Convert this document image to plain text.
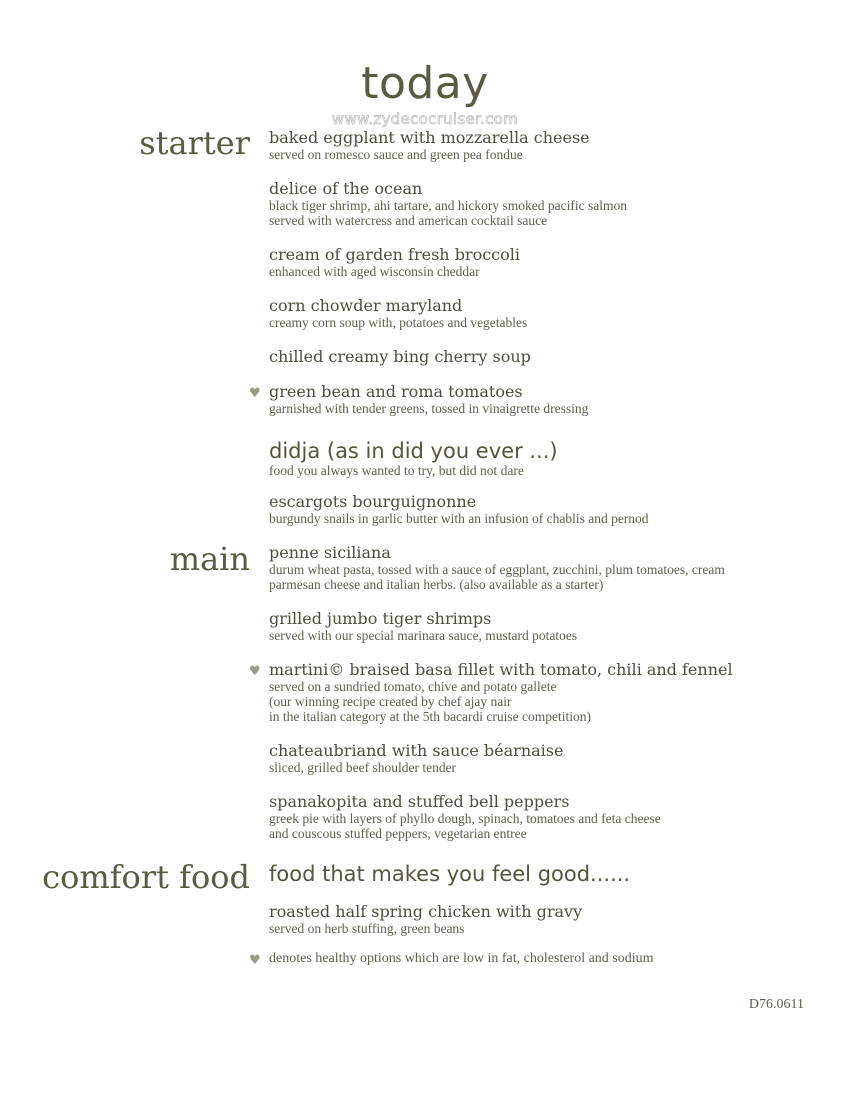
today
www.zydecocruiser.com
starter
main
comfort food
baked eggplant with mozzarella cheese
served on romesco sauce and green pea fondue
delice of the ocean
black tiger shrimp, ahi tartare, and hickory smoked pacific salmon
served with watercress and american cocktail sauce
cream of garden fresh broccoli
enhanced with aged wisconsin cheddar
corn chowder maryland
creamy corn soup with, potatoes and vegetables
chilled creamy bing cherry soup
♥ green bean and roma tomatoes
garnished with tender greens, tossed in vinaigrette dressing
didja (as in did you ever ...)
food you always wanted to try, but did not dare
escargots bourguignonne
burgundy snails in garlic butter with an infusion of chablis and pernod
penne siciliana
durum wheat pasta, tossed with a sauce of eggplant, zucchini, plum tomatoes, cream
parmesan cheese and italian herbs. (also available as a starter)
grilled jumbo tiger shrimps
served with our special marinara sauce, mustard potatoes
♥ martini© braised basa fillet with tomato, chili and fennel
served on a sundried tomato, chive and potato gallete
(our winning recipe created by chef ajay nair
in the italian category at the 5th bacardi cruise competition)
chateaubriand with sauce béarnaise
sliced, grilled beef shoulder tender
spanakopita and stuffed bell peppers
greek pie with layers of phyllo dough, spinach, tomatoes and feta cheese
and couscous stuffed peppers, vegetarian entree
food that makes you feel good......
roasted half spring chicken with gravy
served on herb stuffing, green beans
♥ denotes healthy options which are low in fat, cholesterol and sodium
D76.0611
